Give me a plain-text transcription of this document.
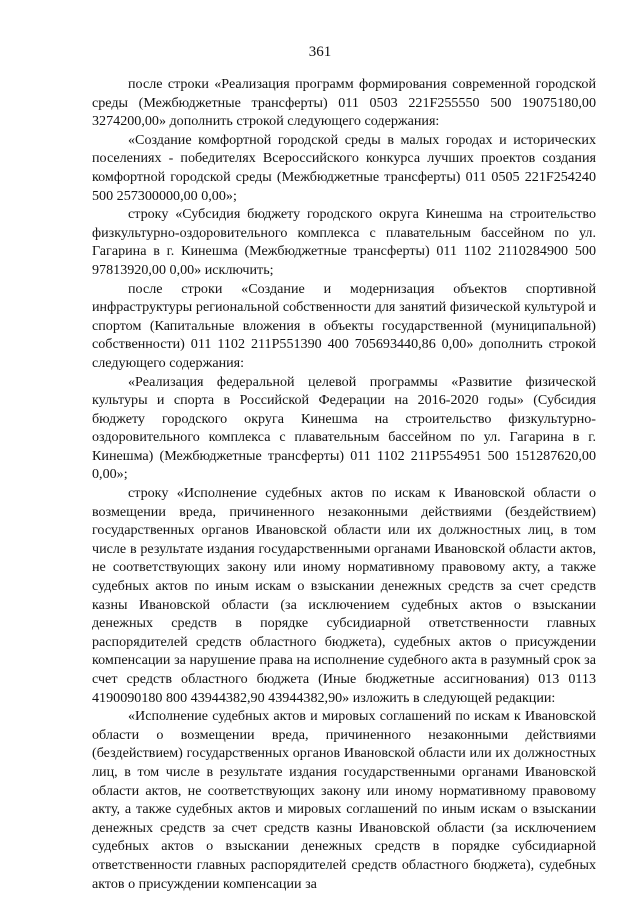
361

после строки «Реализация программ формирования современной городской среды (Межбюджетные трансферты) 011 0503 221F255550 500 19075180,00 3274200,00» дополнить строкой следующего содержания:

«Создание комфортной городской среды в малых городах и исторических поселениях - победителях Всероссийского конкурса лучших проектов создания комфортной городской среды (Межбюджетные трансферты) 011 0505 221F254240 500 257300000,00 0,00»;

строку «Субсидия бюджету городского округа Кинешма на строительство физкультурно-оздоровительного комплекса с плавательным бассейном по ул. Гагарина в г. Кинешма (Межбюджетные трансферты) 011 1102 2110284900 500 97813920,00 0,00» исключить;

после строки «Создание и модернизация объектов спортивной инфраструктуры региональной собственности для занятий физической культурой и спортом (Капитальные вложения в объекты государственной (муниципальной) собственности) 011 1102 211P551390 400 705693440,86 0,00» дополнить строкой следующего содержания:

«Реализация федеральной целевой программы «Развитие физической культуры и спорта в Российской Федерации на 2016-2020 годы» (Субсидия бюджету городского округа Кинешма на строительство физкультурно-оздоровительного комплекса с плавательным бассейном по ул. Гагарина в г. Кинешма) (Межбюджетные трансферты) 011 1102 211P554951 500 151287620,00 0,00»;

строку «Исполнение судебных актов по искам к Ивановской области о возмещении вреда, причиненного незаконными действиями (бездействием) государственных органов Ивановской области или их должностных лиц, в том числе в результате издания государственными органами Ивановской области актов, не соответствующих закону или иному нормативному правовому акту, а также судебных актов по иным искам о взыскании денежных средств за счет средств казны Ивановской области (за исключением судебных актов о взыскании денежных средств в порядке субсидиарной ответственности главных распорядителей средств областного бюджета), судебных актов о присуждении компенсации за нарушение права на исполнение судебного акта в разумный срок за счет средств областного бюджета (Иные бюджетные ассигнования) 013 0113 4190090180 800 43944382,90 43944382,90» изложить в следующей редакции:

«Исполнение судебных актов и мировых соглашений по искам к Ивановской области о возмещении вреда, причиненного незаконными действиями (бездействием) государственных органов Ивановской области или их должностных лиц, в том числе в результате издания государственными органами Ивановской области актов, не соответствующих закону или иному нормативному правовому акту, а также судебных актов и мировых соглашений по иным искам о взыскании денежных средств за счет средств казны Ивановской области (за исключением судебных актов о взыскании денежных средств в порядке субсидиарной ответственности главных распорядителей средств областного бюджета), судебных актов о присуждении компенсации за
